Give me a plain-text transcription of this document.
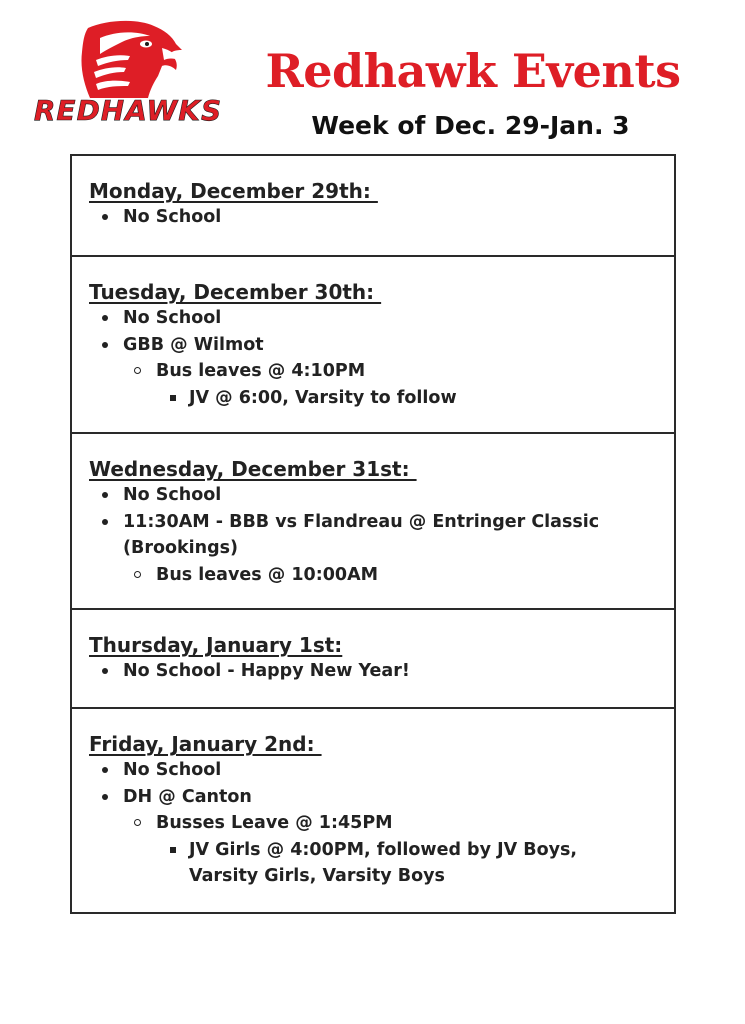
REDHAWKS
Redhawk Events
Week of Dec. 29-Jan. 3
Monday, December 29th:
No School
Tuesday, December 30th:
No School
GBB @ Wilmot
Bus leaves @ 4:10PM
JV @ 6:00, Varsity to follow
Wednesday, December 31st:
No School
11:30AM - BBB vs Flandreau @ Entringer Classic (Brookings)
Bus leaves @ 10:00AM
Thursday, January 1st:
No School - Happy New Year!
Friday, January 2nd:
No School
DH @ Canton
Busses Leave @ 1:45PM
JV Girls @ 4:00PM, followed by JV Boys, Varsity Girls, Varsity Boys
